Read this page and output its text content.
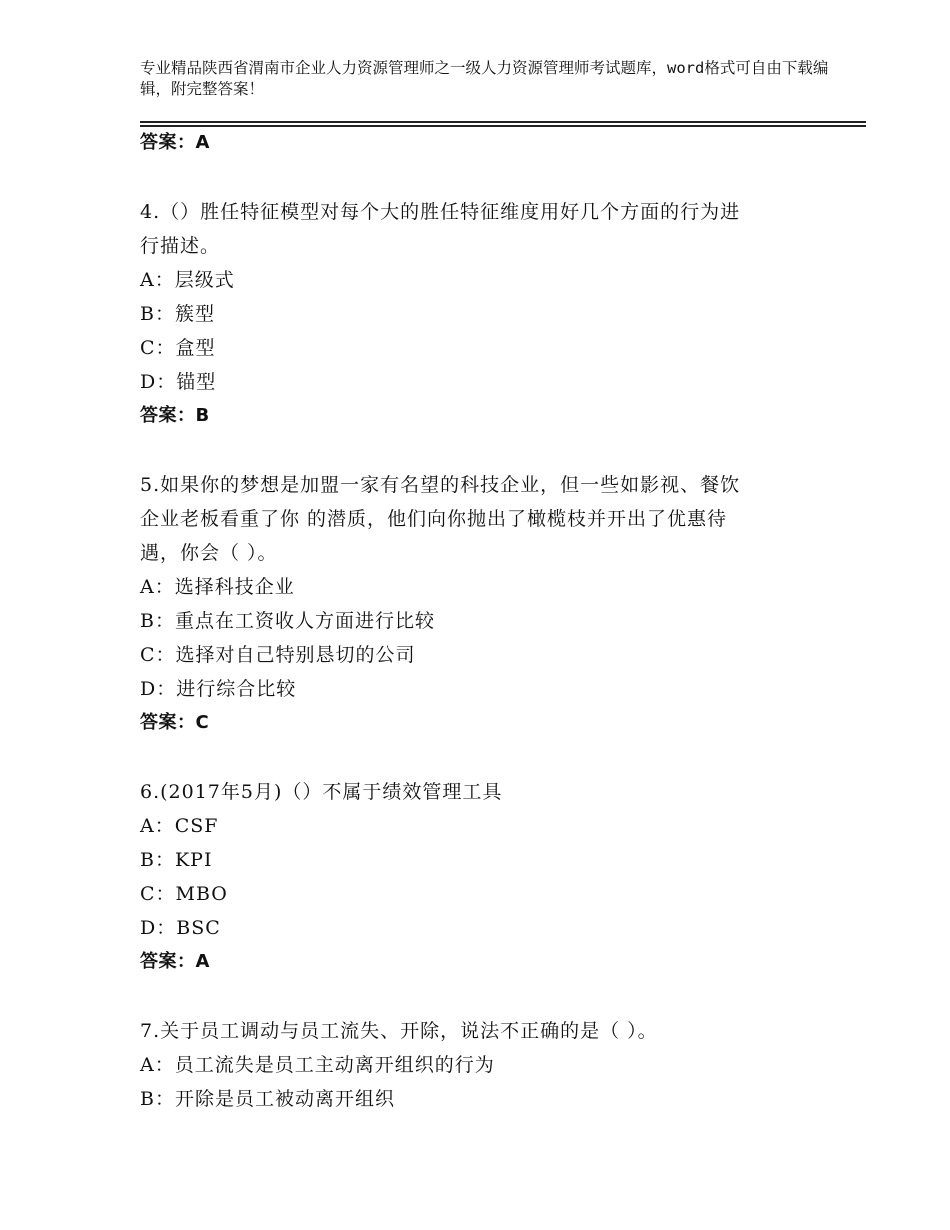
专业精品陕西省渭南市企业人力资源管理师之一级人力资源管理师考试题库，word格式可自由下载编辑，附完整答案！
答案：A
4.（）胜任特征模型对每个大的胜任特征维度用好几个方面的行为进
行描述。
A：层级式
B：簇型
C：盒型
D：锚型
答案：B
5.如果你的梦想是加盟一家有名望的科技企业，但一些如影视、餐饮
企业老板看重了你 的潜质，他们向你抛出了橄榄枝并开出了优惠待
遇，你会（ ）。
A：选择科技企业
B：重点在工资收人方面进行比较
C：选择对自己特别恳切的公司
D：进行综合比较
答案：C
6.(2017年5月)（）不属于绩效管理工具
A：CSF
B：KPI
C：MBO
D：BSC
答案：A
7.关于员工调动与员工流失、开除，说法不正确的是（ ）。
A：员工流失是员工主动离开组织的行为
B：开除是员工被动离开组织
